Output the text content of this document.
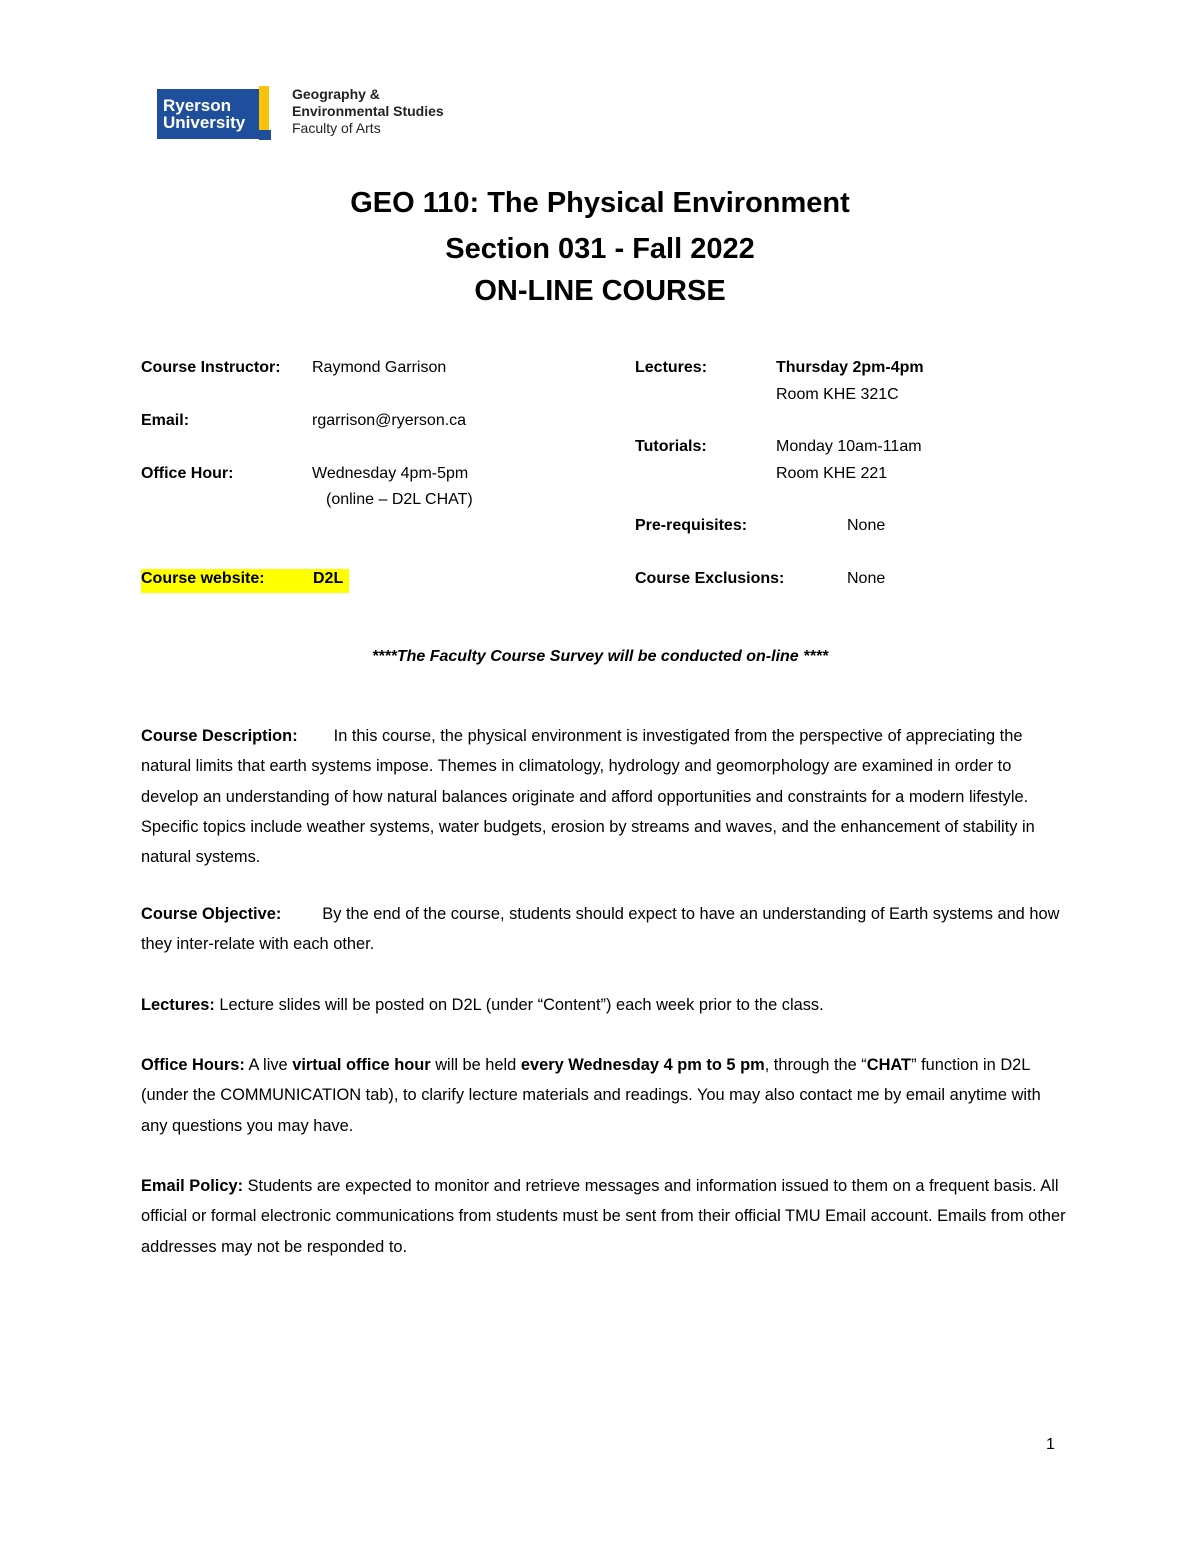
Ryerson
University
Geography &
Environmental Studies
Faculty of Arts
GEO 110: The Physical Environment
Section 031 - Fall 2022
ON-LINE COURSE
Course Instructor: Raymond Garrison
Email:	rgarrison@ryerson.ca
Office Hour:	Wednesday 4pm-5pm
(online – D2L CHAT)
Course website:	D2L
Lectures:	Thursday 2pm-4pm
Room KHE 321C
Tutorials:	Monday 10am-11am
Room KHE 221
Pre-requisites:	None
Course Exclusions:	None
****The Faculty Course Survey will be conducted on-line ****
Course Description: In this course, the physical environment is investigated from the perspective of appreciating the natural limits that earth systems impose. Themes in climatology, hydrology and geomorphology are examined in order to develop an understanding of how natural balances originate and afford opportunities and constraints for a modern lifestyle. Specific topics include weather systems, water budgets, erosion by streams and waves, and the enhancement of stability in natural systems.
Course Objective:	By the end of the course, students should expect to have an understanding of Earth systems and how they inter-relate with each other.
Lectures: Lecture slides will be posted on D2L (under “Content”) each week prior to the class.
Office Hours: A live virtual office hour will be held every Wednesday 4 pm to 5 pm, through the “CHAT” function in D2L (under the COMMUNICATION tab), to clarify lecture materials and readings. You may also contact me by email anytime with any questions you may have.
Email Policy: Students are expected to monitor and retrieve messages and information issued to them on a frequent basis. All official or formal electronic communications from students must be sent from their official TMU Email account. Emails from other addresses may not be responded to.
1
